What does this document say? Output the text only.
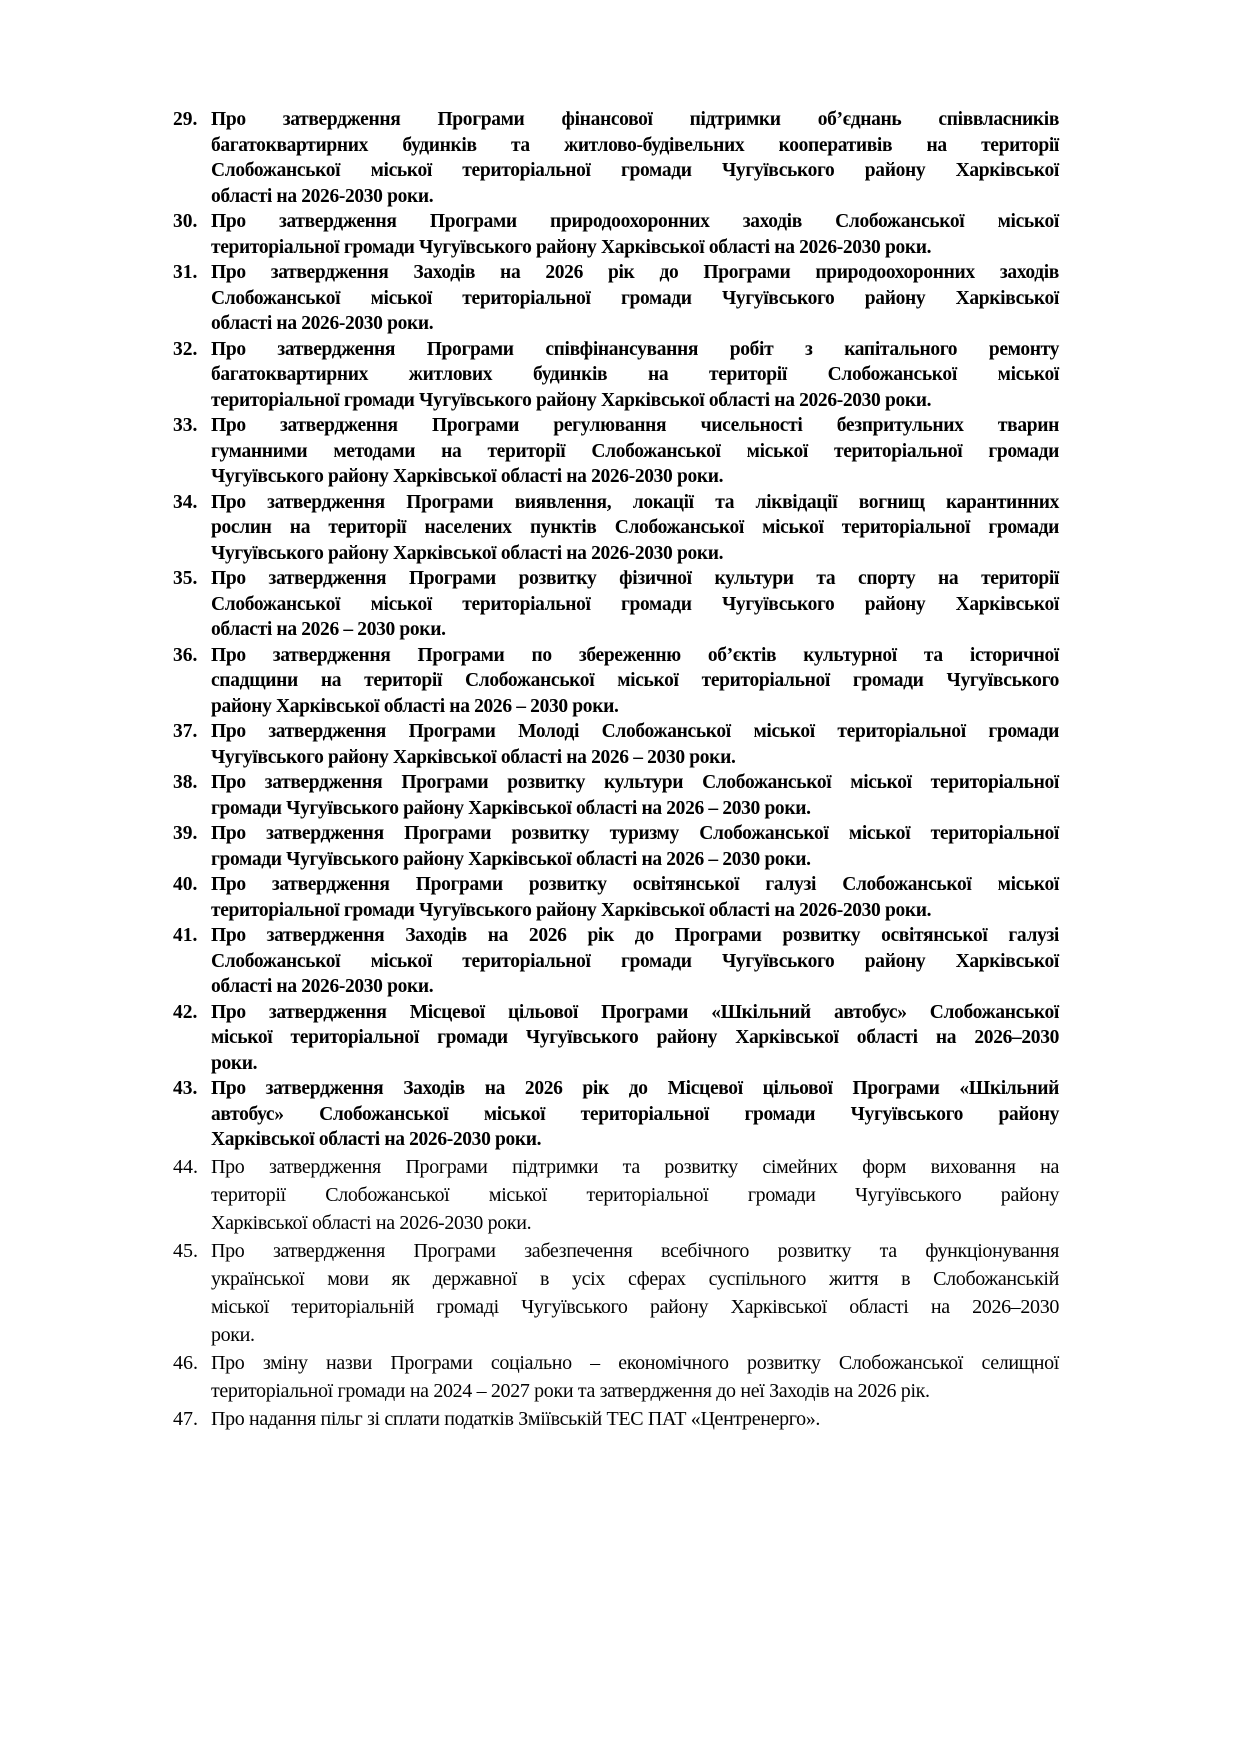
29. Про затвердження Програми фінансової підтримки об’єднань співвласників
багатоквартирних будинків та житлово-будівельних кооперативів на території
Слобожанської міської територіальної громади Чугуївського району Харківської
області на 2026-2030 роки.
30. Про затвердження Програми природоохоронних заходів Слобожанської міської
територіальної громади Чугуївського району Харківської області на 2026-2030 роки.
31. Про затвердження Заходів на 2026 рік до Програми природоохоронних заходів
Слобожанської міської територіальної громади Чугуївського району Харківської
області на 2026-2030 роки.
32. Про затвердження Програми співфінансування робіт з капітального ремонту
багатоквартирних житлових будинків на території Слобожанської міської
територіальної громади Чугуївського району Харківської області на 2026-2030 роки.
33. Про затвердження Програми регулювання чисельності безпритульних тварин
гуманними методами на території Слобожанської міської територіальної громади
Чугуївського району Харківської області на 2026-2030 роки.
34. Про затвердження Програми виявлення, локації та ліквідації вогнищ карантинних
рослин на території населених пунктів Слобожанської міської територіальної громади
Чугуївського району Харківської області на 2026-2030 роки.
35. Про затвердження Програми розвитку фізичної культури та спорту на території
Слобожанської міської територіальної громади Чугуївського району Харківської
області на 2026 – 2030 роки.
36. Про затвердження Програми по збереженню об’єктів культурної та історичної
спадщини на території Слобожанської міської територіальної громади Чугуївського
району Харківської області на 2026 – 2030 роки.
37. Про затвердження Програми Молоді Слобожанської міської територіальної громади
Чугуївського району Харківської області на 2026 – 2030 роки.
38. Про затвердження Програми розвитку культури Слобожанської міської територіальної
громади Чугуївського району Харківської області на 2026 – 2030 роки.
39. Про затвердження Програми розвитку туризму Слобожанської міської територіальної
громади Чугуївського району Харківської області на 2026 – 2030 роки.
40. Про затвердження Програми розвитку освітянської галузі Слобожанської міської
територіальної громади Чугуївського району Харківської області на 2026-2030 роки.
41. Про затвердження Заходів на 2026 рік до Програми розвитку освітянської галузі
Слобожанської міської територіальної громади Чугуївського району Харківської
області на 2026-2030 роки.
42. Про затвердження Місцевої цільової Програми «Шкільний автобус» Слобожанської
міської територіальної громади Чугуївського району Харківської області на 2026–2030
роки.
43. Про затвердження Заходів на 2026 рік до Місцевої цільової Програми «Шкільний
автобус» Слобожанської міської територіальної громади Чугуївського району
Харківської області на 2026-2030 роки.
44. Про затвердження Програми підтримки та розвитку сімейних форм виховання на
території Слобожанської міської територіальної громади Чугуївського району
Харківської області на 2026-2030 роки.
45. Про затвердження Програми забезпечення всебічного розвитку та функціонування
української мови як державної в усіх сферах суспільного життя в Слобожанській
міської територіальній громаді Чугуївського району Харківської області на 2026–2030
роки.
46. Про зміну назви Програми соціально – економічного розвитку Слобожанської селищної
територіальної громади на 2024 – 2027 роки та затвердження до неї Заходів на 2026 рік.
47. Про надання пільг зі сплати податків Зміївській ТЕС ПАТ «Центренерго».
